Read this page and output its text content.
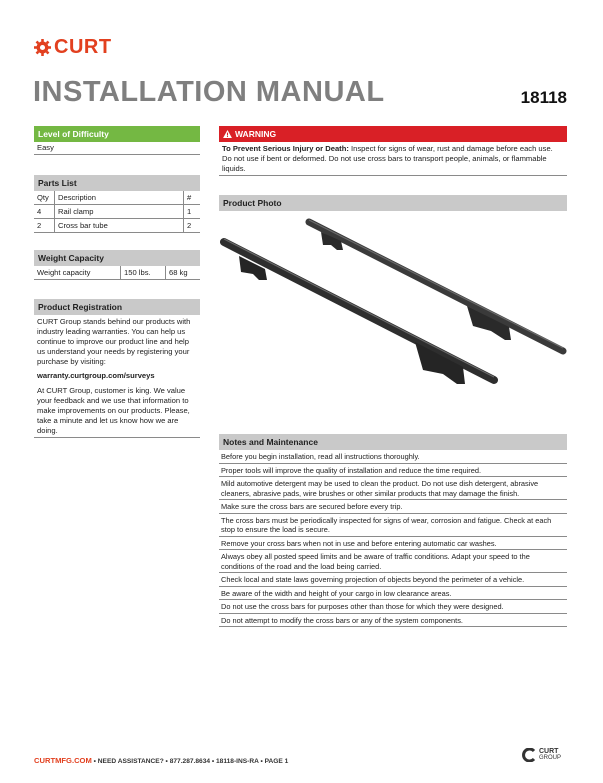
CURT
INSTALLATION MANUAL	18118
Level of Difficulty
Easy
Parts List
Qty	Description	#
4	Rail clamp	1
2	Cross bar tube	2
Weight Capacity
Weight capacity	150 lbs.	68 kg
Product Registration
CURT Group stands behind our products with industry leading warranties. You can help us continue to improve our product line and help us understand your needs by registering your purchase by visiting:
warranty.curtgroup.com/surveys
At CURT Group, customer is king. We value your feedback and we use that information to make improvements on our products. Please, take a minute and let us know how we are doing.
WARNING
To Prevent Serious Injury or Death: Inspect for signs of wear, rust and damage before each use. Do not use if bent or deformed. Do not use cross bars to transport people, animals, or flammable liquids.
Product Photo
Notes and Maintenance
Before you begin installation, read all instructions thoroughly.
Proper tools will improve the quality of installation and reduce the time required.
Mild automotive detergent may be used to clean the product. Do not use dish detergent, abrasive cleaners, abrasive pads, wire brushes or other similar products that may damage the finish.
Make sure the cross bars are secured before every trip.
The cross bars must be periodically inspected for signs of wear, corrosion and fatigue. Check at each stop to ensure the load is secure.
Remove your cross bars when not in use and before entering automatic car washes.
Always obey all posted speed limits and be aware of traffic conditions. Adapt your speed to the conditions of the road and the load being carried.
Check local and state laws governing projection of objects beyond the perimeter of a vehicle.
Be aware of the width and height of your cargo in low clearance areas.
Do not use the cross bars for purposes other than those for which they were designed.
Do not attempt to modify the cross bars or any of the system components.
CURTMFG.COM • NEED ASSISTANCE? • 877.287.8634 • 18118-INS-RA • PAGE 1
CURT
GROUP
